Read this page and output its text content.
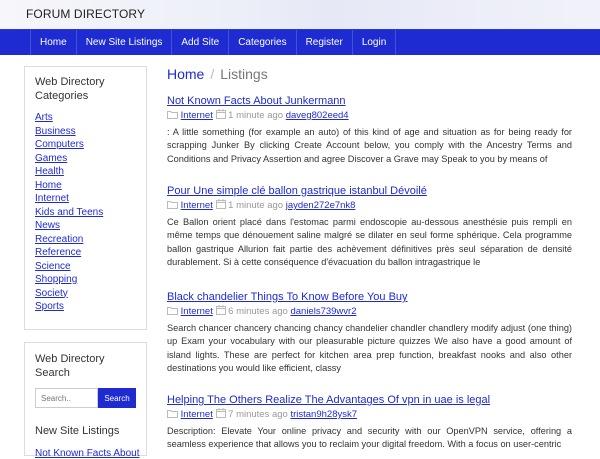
FORUM DIRECTORY
Home	New Site Listings	Add Site	Categories	Register	Login
Web Directory Categories
Arts
Business
Computers
Games
Health
Home
Internet
Kids and Teens
News
Recreation
Reference
Science
Shopping
Society
Sports
Web Directory Search
Search..
Search
New Site Listings
Not Known Facts About
Home / Listings
Not Known Facts About Junkermann
Internet 1 minute ago daveg802eed4
: A little something (for example an auto) of this kind of age and situation as for being ready for scrapping Junker By clicking Create Account below, you comply with the Ancestry Terms and Conditions and Privacy Assertion and agree Discover a Grave may Speak to you by means of
Pour Une simple clé ballon gastrique istanbul Dévoilé
Internet 1 minute ago jayden272e7nk8
Ce Ballon orient placé dans l'estomac parmi endoscopie au-dessous anesthésie puis rempli en même temps que dénouement saline malgré se dilater en seul forme sphérique. Cela programme ballon gastrique Allurion fait partie des achèvement définitives près seul séparation de densité durablement. Si à cette conséquence d'évacuation du ballon intragastrique le
Black chandelier Things To Know Before You Buy
Internet 6 minutes ago daniels739wvr2
Search chancer chancery chancing chancy chandelier chandler chandlery modify adjust (one thing) up Exam your vocabulary with our pleasurable picture quizzes We also have a good amount of island lights. These are perfect for kitchen area prep function, breakfast nooks and also other destinations you would like efficient, classy
Helping The Others Realize The Advantages Of vpn in uae is legal
Internet 7 minutes ago tristan9h28ysk7
Description: Elevate Your online privacy and security with our OpenVPN service, offering a seamless experience that allows you to reclaim your digital freedom. With a focus on user-centric
